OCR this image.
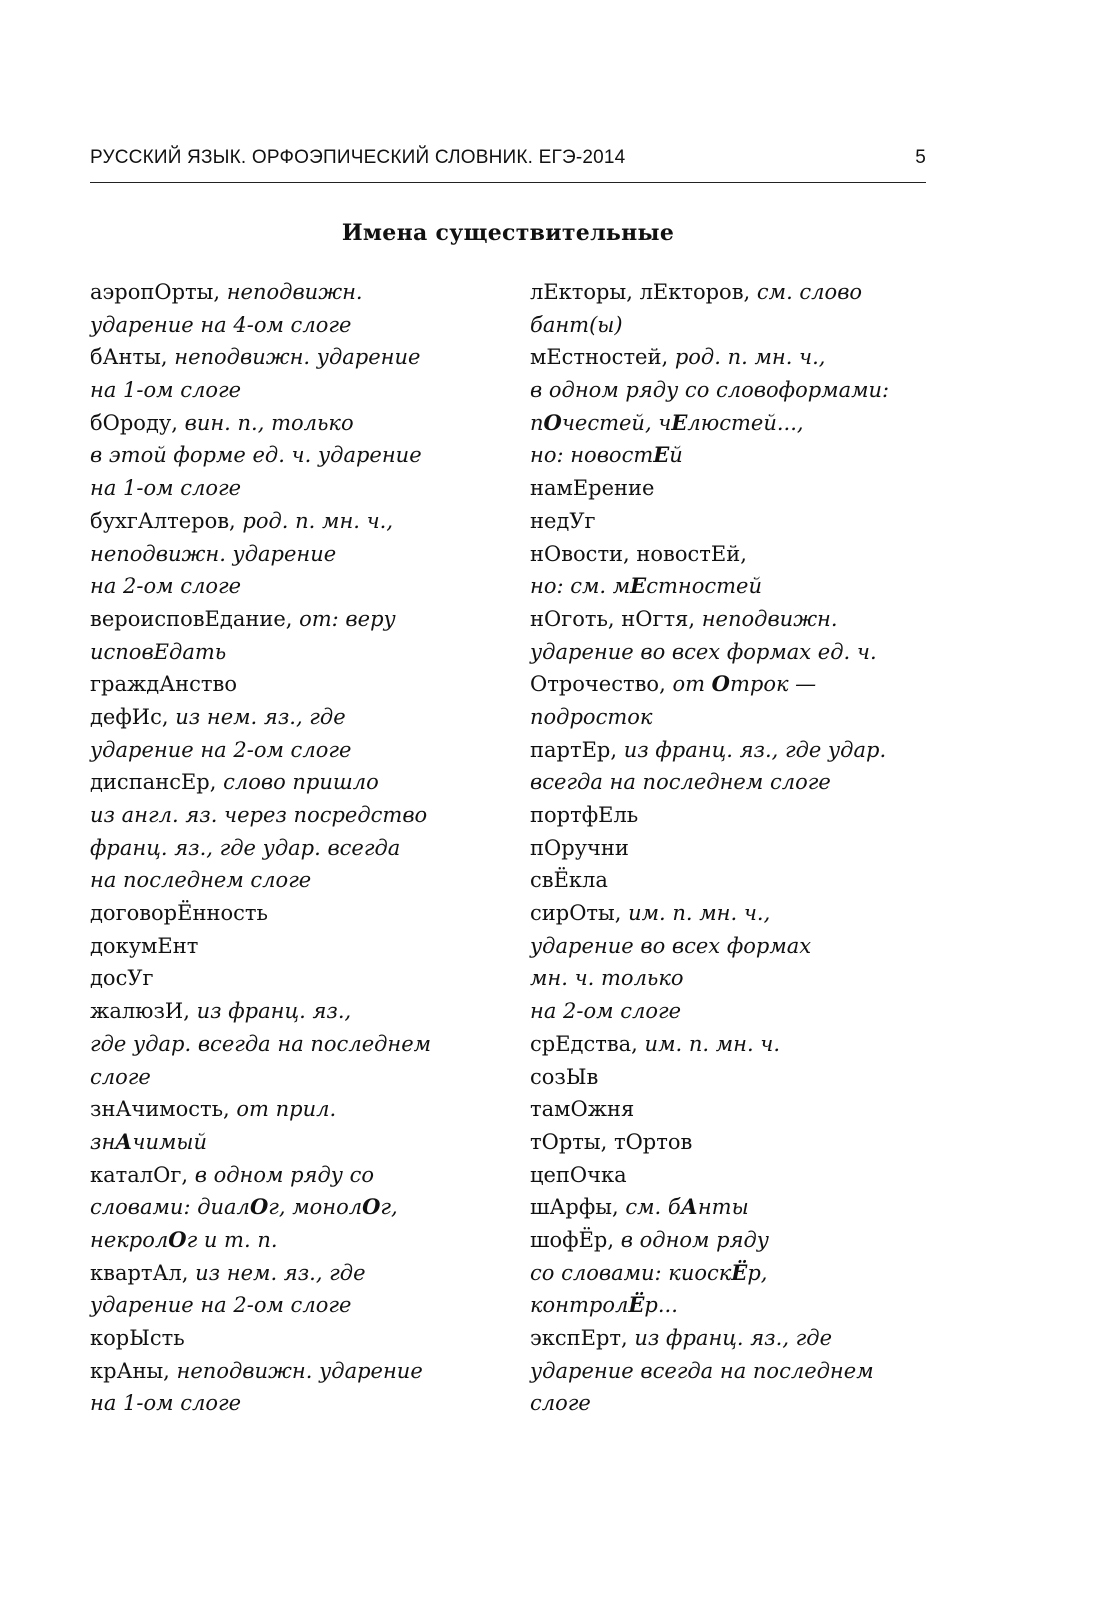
РУССКИЙ ЯЗЫК. ОРФОЭПИЧЕСКИЙ СЛОВНИК. ЕГЭ-2014	5
Имена существительные
аэропОрты, неподвижн.
ударение на 4-ом слоге
бАнты, неподвижн. ударение
на 1-ом слоге
бОроду, вин. п., только
в этой форме ед. ч. ударение
на 1-ом слоге
бухгАлтеров, род. п. мн. ч.,
неподвижн. ударение
на 2-ом слоге
вероисповЕдание, от: веру
исповЕдать
граждАнство
дефИс, из нем. яз., где
ударение на 2-ом слоге
диспансЕр, слово пришло
из англ. яз. через посредство
франц. яз., где удар. всегда
на последнем слоге
договорЁнность
докумЕнт
досУг
жалюзИ, из франц. яз.,
где удар. всегда на последнем
слоге
знАчимость, от прил.
знАчимый
каталОг, в одном ряду со
словами: диалОг, монолОг,
некролОг и т. п.
квартАл, из нем. яз., где
ударение на 2-ом слоге
корЫсть
крАны, неподвижн. ударение
на 1-ом слоге
лЕкторы, лЕкторов, см. слово
бант(ы)
мЕстностей, род. п. мн. ч.,
в одном ряду со словоформами:
пОчестей, чЕлюстей...,
но: новостЕй
намЕрение
недУг
нОвости, новостЕй,
но: см. мЕстностей
нОготь, нОгтя, неподвижн.
ударение во всех формах ед. ч.
Отрочество, от Отрок —
подросток
партЕр, из франц. яз., где удар.
всегда на последнем слоге
портфЕль
пОручни
свЁкла
сирОты, им. п. мн. ч.,
ударение во всех формах
мн. ч. только
на 2-ом слоге
срЕдства, им. п. мн. ч.
созЫв
тамОжня
тОрты, тОртов
цепОчка
шАрфы, см. бАнты
шофЁр, в одном ряду
со словами: киоскЁр,
контролЁр...
экспЕрт, из франц. яз., где
ударение всегда на последнем
слоге
